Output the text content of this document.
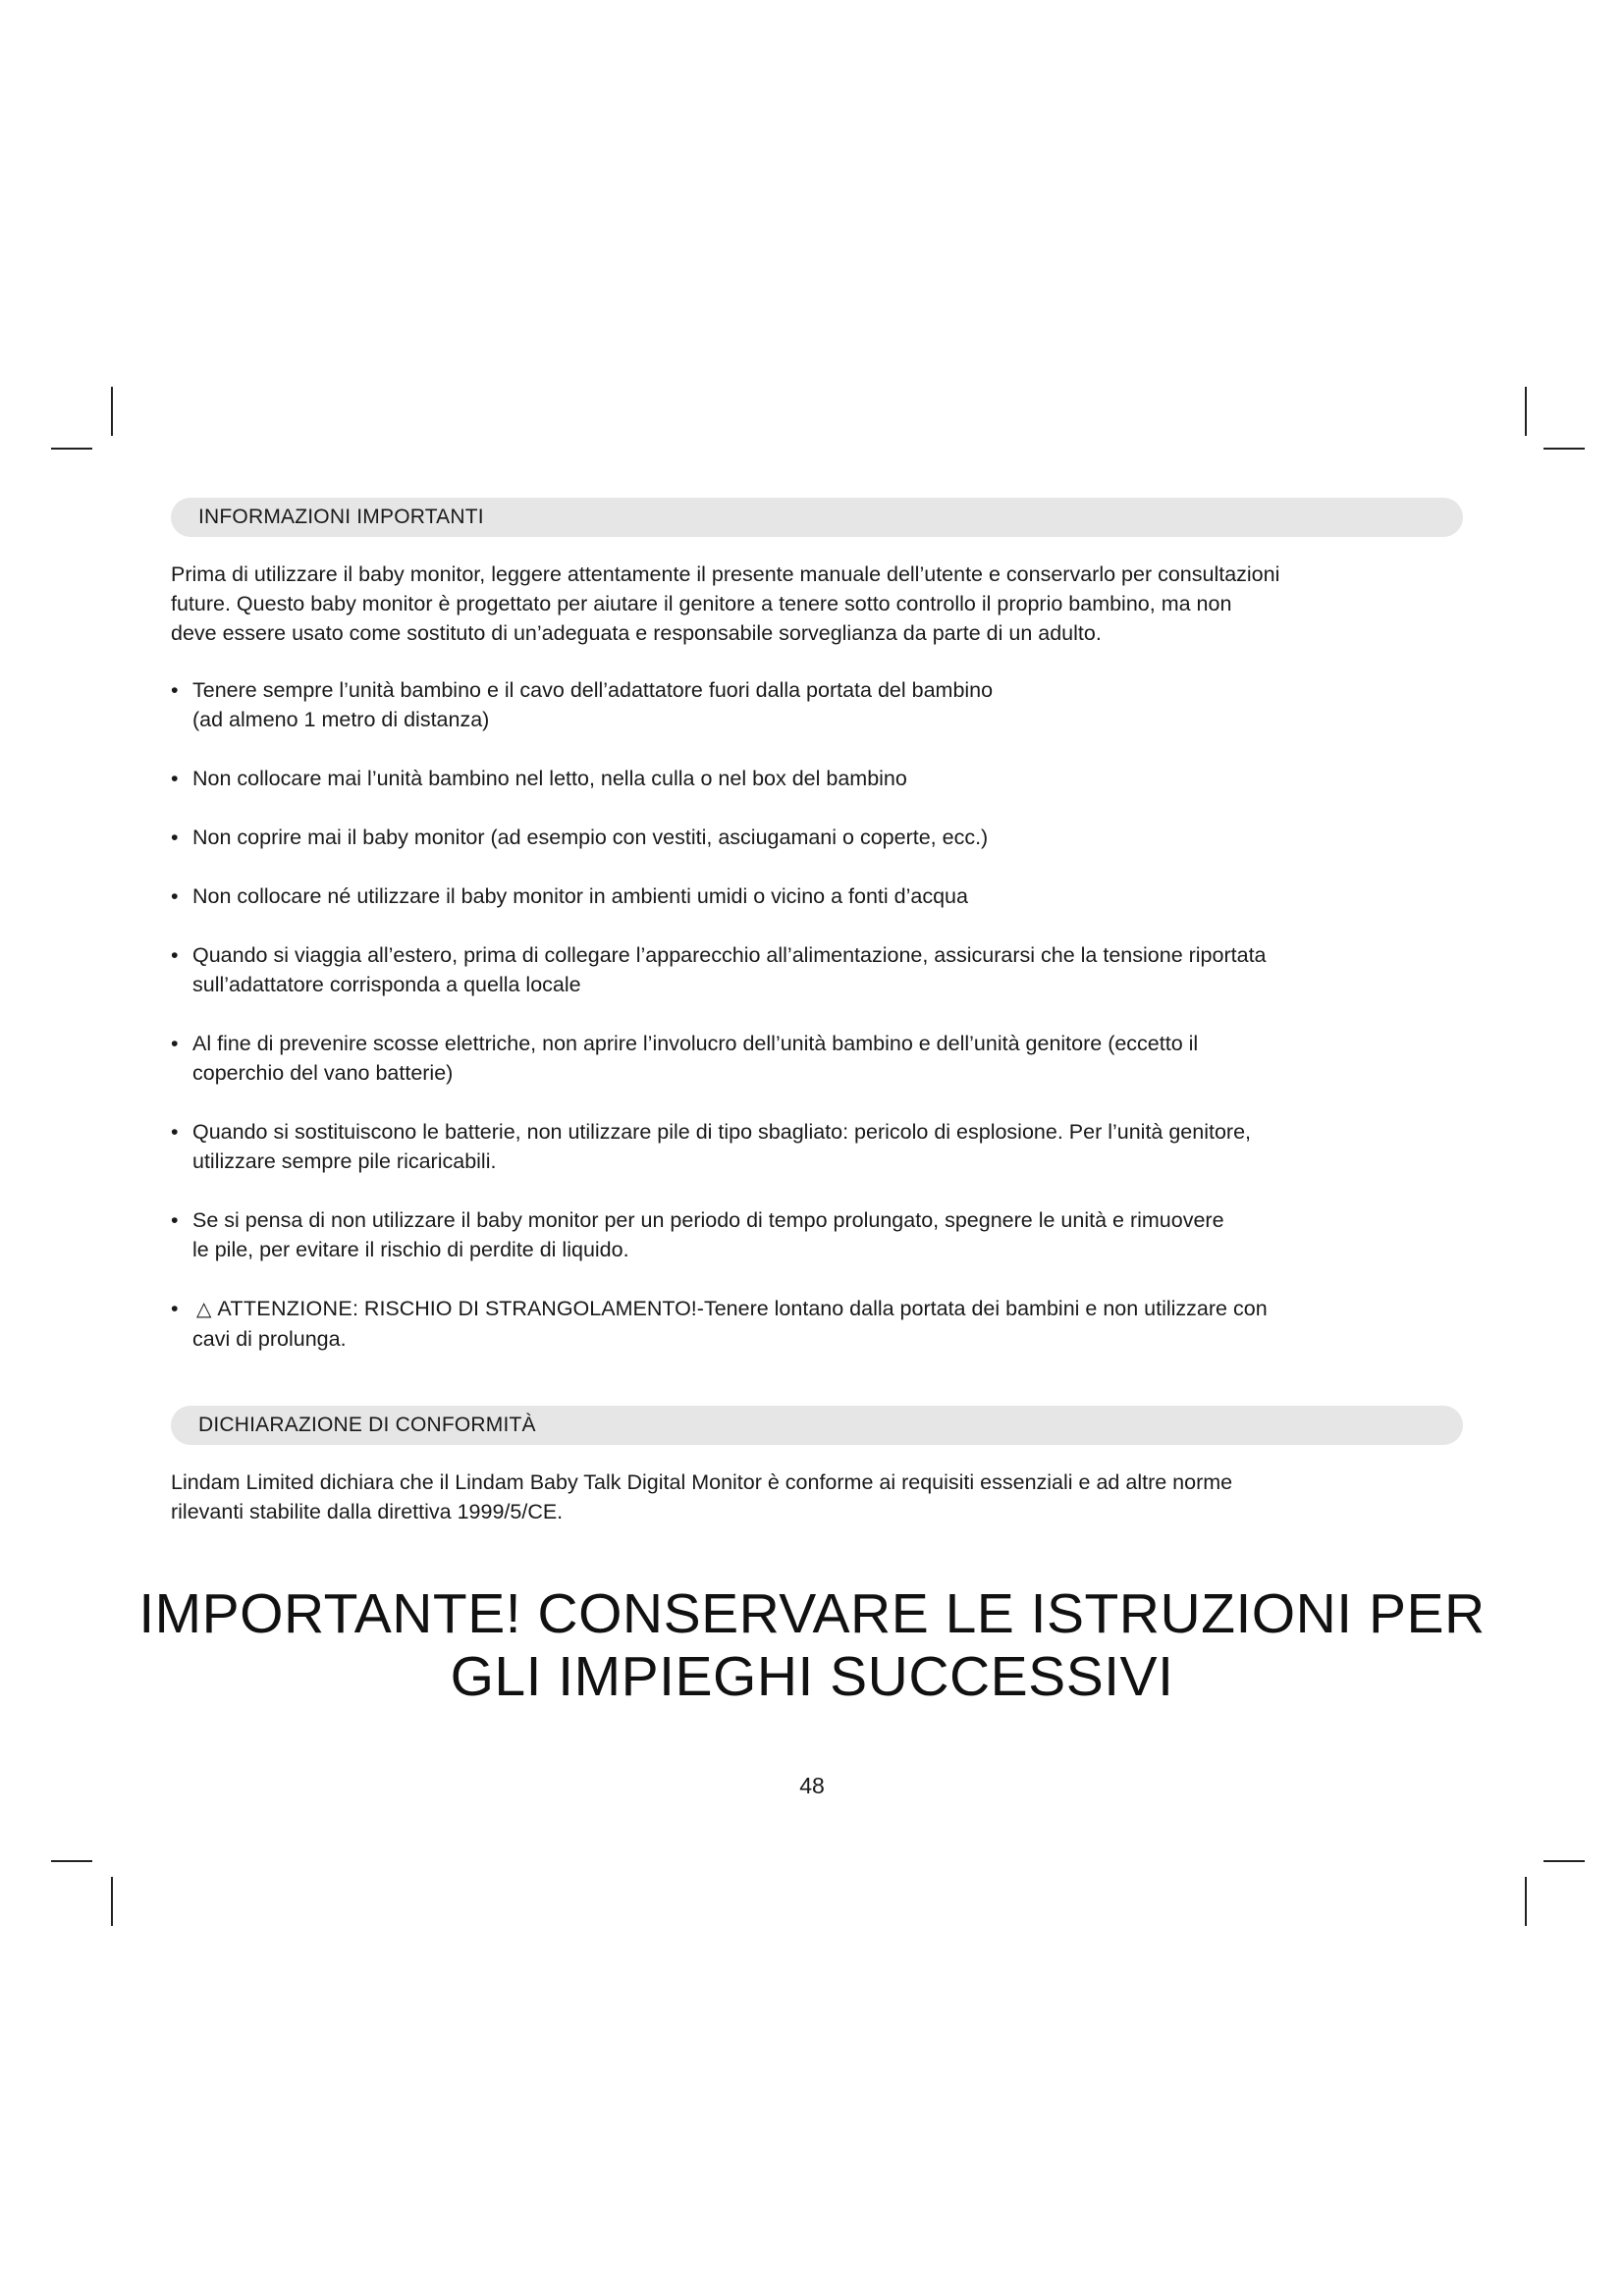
INFORMAZIONI IMPORTANTI
Prima di utilizzare il baby monitor, leggere attentamente il presente manuale dell’utente e conservarlo per consultazioni
future. Questo baby monitor è progettato per aiutare il genitore a tenere sotto controllo il proprio bambino, ma non
deve essere usato come sostituto di un’adeguata e responsabile sorveglianza da parte di un adulto.
• Tenere sempre l’unità bambino e il cavo dell’adattatore fuori dalla portata del bambino
(ad almeno 1 metro di distanza)
• Non collocare mai l’unità bambino nel letto, nella culla o nel box del bambino
• Non coprire mai il baby monitor (ad esempio con vestiti, asciugamani o coperte, ecc.)
• Non collocare né utilizzare il baby monitor in ambienti umidi o vicino a fonti d’acqua
• Quando si viaggia all’estero, prima di collegare l’apparecchio all’alimentazione, assicurarsi che la tensione riportata
sull’adattatore corrisponda a quella locale
• Al fine di prevenire scosse elettriche, non aprire l’involucro dell’unità bambino e dell’unità genitore (eccetto il
coperchio del vano batterie)
• Quando si sostituiscono le batterie, non utilizzare pile di tipo sbagliato: pericolo di esplosione. Per l’unità genitore,
utilizzare sempre pile ricaricabili.
• Se si pensa di non utilizzare il baby monitor per un periodo di tempo prolungato, spegnere le unità e rimuovere
le pile, per evitare il rischio di perdite di liquido.
• △ ATTENZIONE: RISCHIO DI STRANGOLAMENTO!-Tenere lontano dalla portata dei bambini e non utilizzare con
cavi di prolunga.
DICHIARAZIONE DI CONFORMITÀ
Lindam Limited dichiara che il Lindam Baby Talk Digital Monitor è conforme ai requisiti essenziali e ad altre norme
rilevanti stabilite dalla direttiva 1999/5/CE.
IMPORTANTE! CONSERVARE LE ISTRUZIONI PER
GLI IMPIEGHI SUCCESSIVI
48
